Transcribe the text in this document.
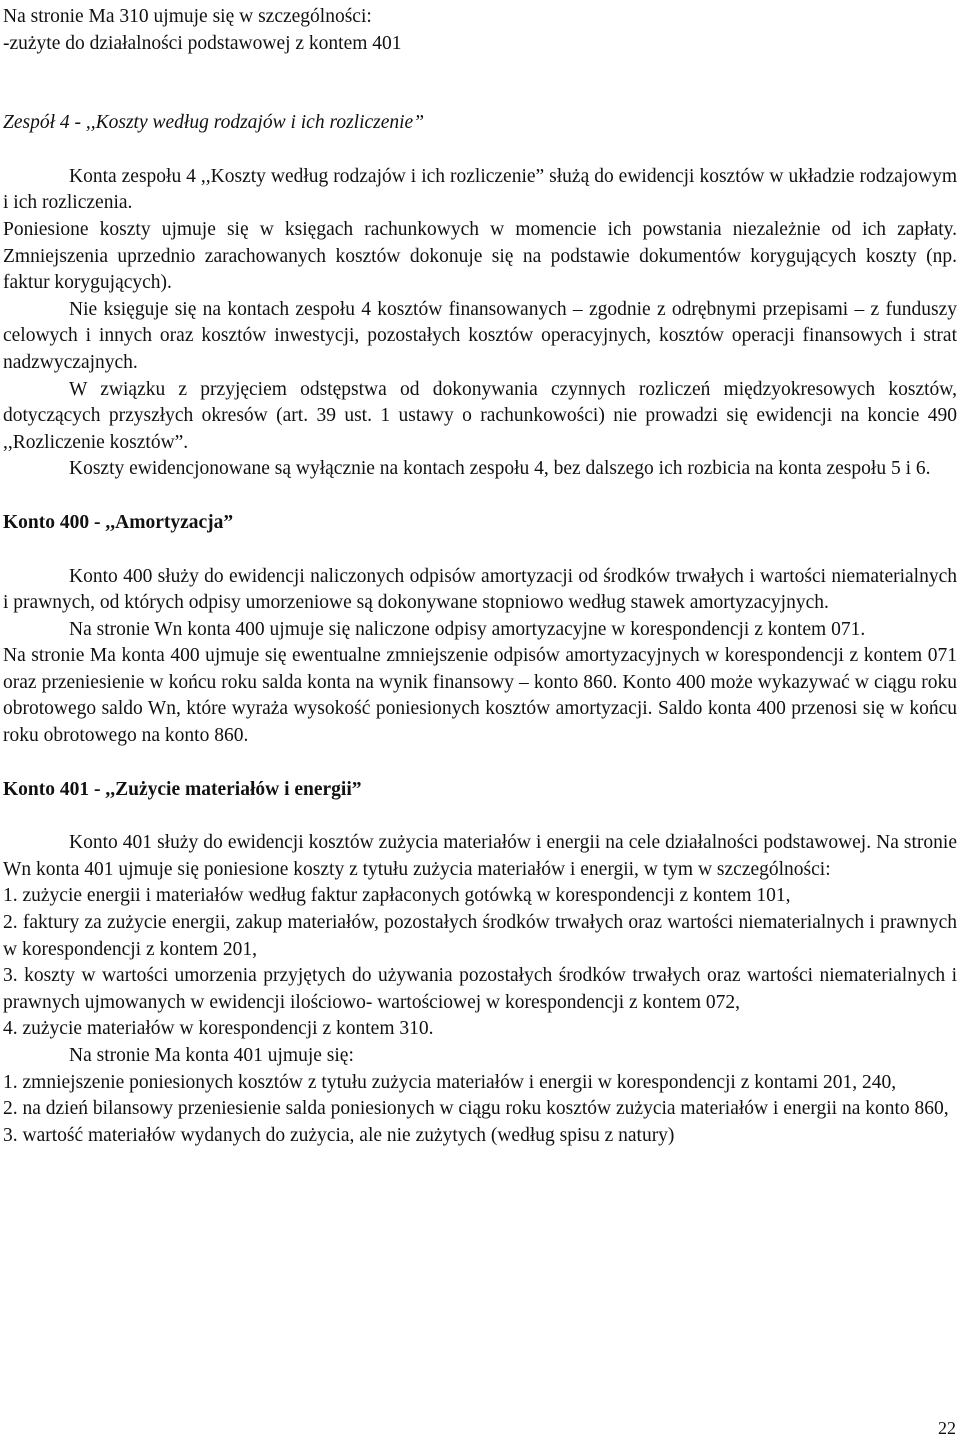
Na stronie Ma 310 ujmuje się w szczególności:

-zużyte do działalności podstawowej z kontem 401

Zespół 4 - ,,Koszty według rodzajów i ich rozliczenie”

Konta zespołu 4 ,,Koszty według rodzajów i ich rozliczenie” służą do ewidencji kosztów w układzie rodzajowym i ich rozliczenia.

Poniesione koszty ujmuje się w księgach rachunkowych w momencie ich powstania niezależnie od ich zapłaty. Zmniejszenia uprzednio zarachowanych kosztów dokonuje się na podstawie dokumentów korygujących koszty (np. faktur korygujących).

Nie księguje się na kontach zespołu 4 kosztów finansowanych – zgodnie z odrębnymi przepisami – z funduszy celowych i innych oraz kosztów inwestycji, pozostałych kosztów operacyjnych, kosztów operacji finansowych i strat nadzwyczajnych.

W związku z przyjęciem odstępstwa od dokonywania czynnych rozliczeń międzyokresowych kosztów, dotyczących przyszłych okresów (art. 39 ust. 1 ustawy o rachunkowości) nie prowadzi się ewidencji na koncie 490 ,,Rozliczenie kosztów”.

Koszty ewidencjonowane są wyłącznie na kontach zespołu 4, bez dalszego ich rozbicia na konta zespołu 5 i 6.

Konto 400 - ,,Amortyzacja”

Konto 400 służy do ewidencji naliczonych odpisów amortyzacji od środków trwałych i wartości niematerialnych i prawnych, od których odpisy umorzeniowe są dokonywane stopniowo według stawek amortyzacyjnych.

Na stronie Wn konta 400 ujmuje się naliczone odpisy amortyzacyjne w korespondencji z kontem 071.

Na stronie Ma konta 400 ujmuje się ewentualne zmniejszenie odpisów amortyzacyjnych w korespondencji z kontem 071 oraz przeniesienie w końcu roku salda konta na wynik finansowy – konto 860. Konto 400 może wykazywać w ciągu roku obrotowego saldo Wn, które wyraża wysokość poniesionych kosztów amortyzacji. Saldo konta 400 przenosi się w końcu roku obrotowego na konto 860.

Konto 401 - ,,Zużycie materiałów i energii”

Konto 401 służy do ewidencji kosztów zużycia materiałów i energii na cele działalności podstawowej. Na stronie Wn konta 401 ujmuje się poniesione koszty z tytułu zużycia materiałów i energii, w tym w szczególności:

1. zużycie energii i materiałów według faktur zapłaconych gotówką w korespondencji z kontem 101,

2. faktury za zużycie energii, zakup materiałów, pozostałych środków trwałych oraz wartości niematerialnych i prawnych w korespondencji z kontem 201,

3. koszty w wartości umorzenia przyjętych do używania pozostałych środków trwałych oraz wartości niematerialnych i prawnych ujmowanych w ewidencji ilościowo- wartościowej w korespondencji z kontem 072,

4. zużycie materiałów w korespondencji z kontem 310.

Na stronie Ma konta 401 ujmuje się:

1. zmniejszenie poniesionych kosztów z tytułu zużycia materiałów i energii w korespondencji z kontami 201, 240,

2. na dzień bilansowy przeniesienie salda poniesionych w ciągu roku kosztów zużycia materiałów i energii na konto 860,

3. wartość materiałów wydanych do zużycia, ale nie zużytych (według spisu z natury)

22
